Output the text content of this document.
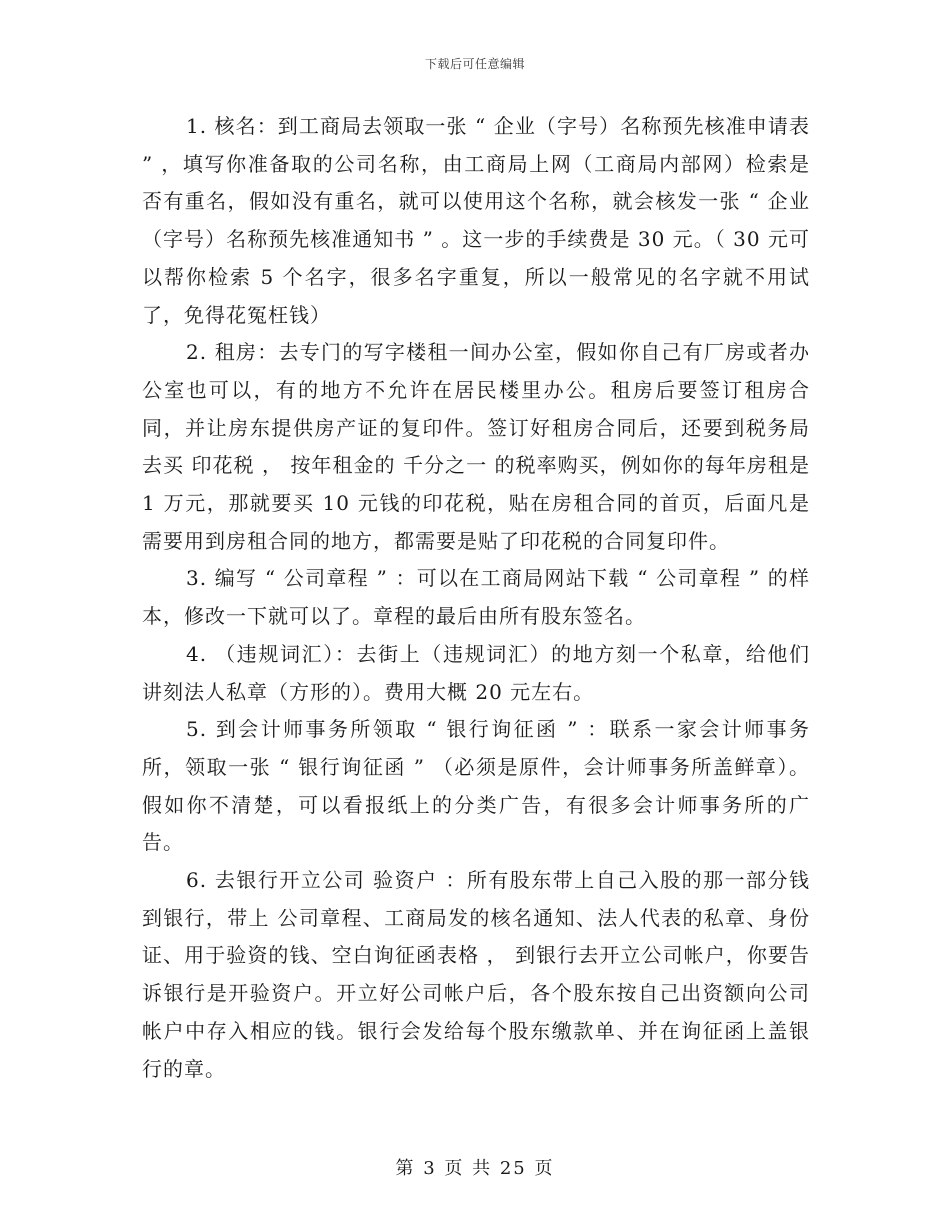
下载后可任意编辑

1. 核名：到工商局去领取一张 “ 企业（字号）名称预先核准申请表 ” ，填写你准备取的公司名称，由工商局上网（工商局内部网）检索是否有重名，假如没有重名，就可以使用这个名称，就会核发一张 “ 企业（字号）名称预先核准通知书 ” 。这一步的手续费是 30 元。（ 30 元可以帮你检索 5 个名字，很多名字重复，所以一般常见的名字就不用试了，免得花冤枉钱）

2. 租房：去专门的写字楼租一间办公室，假如你自己有厂房或者办公室也可以，有的地方不允许在居民楼里办公。租房后要签订租房合同，并让房东提供房产证的复印件。签订好租房合同后，还要到税务局去买 印花税 ， 按年租金的 千分之一 的税率购买，例如你的每年房租是 1 万元，那就要买 10 元钱的印花税，贴在房租合同的首页，后面凡是需要用到房租合同的地方，都需要是贴了印花税的合同复印件。

3. 编写 “ 公司章程 ” ：可以在工商局网站下载 “ 公司章程 ” 的样本，修改一下就可以了。章程的最后由所有股东签名。

4. （违规词汇）：去街上（违规词汇）的地方刻一个私章，给他们讲刻法人私章（方形的）。费用大概 20 元左右。

5. 到会计师事务所领取 “ 银行询征函 ” ：联系一家会计师事务所，领取一张 “ 银行询征函 ” （必须是原件，会计师事务所盖鲜章）。假如你不清楚，可以看报纸上的分类广告，有很多会计师事务所的广告。

6. 去银行开立公司 验资户 ：所有股东带上自己入股的那一部分钱到银行，带上 公司章程、工商局发的核名通知、法人代表的私章、身份证、用于验资的钱、空白询征函表格 ， 到银行去开立公司帐户，你要告诉银行是开验资户。开立好公司帐户后，各个股东按自己出资额向公司帐户中存入相应的钱。银行会发给每个股东缴款单、并在询征函上盖银行的章。

第 3 页 共 25 页
